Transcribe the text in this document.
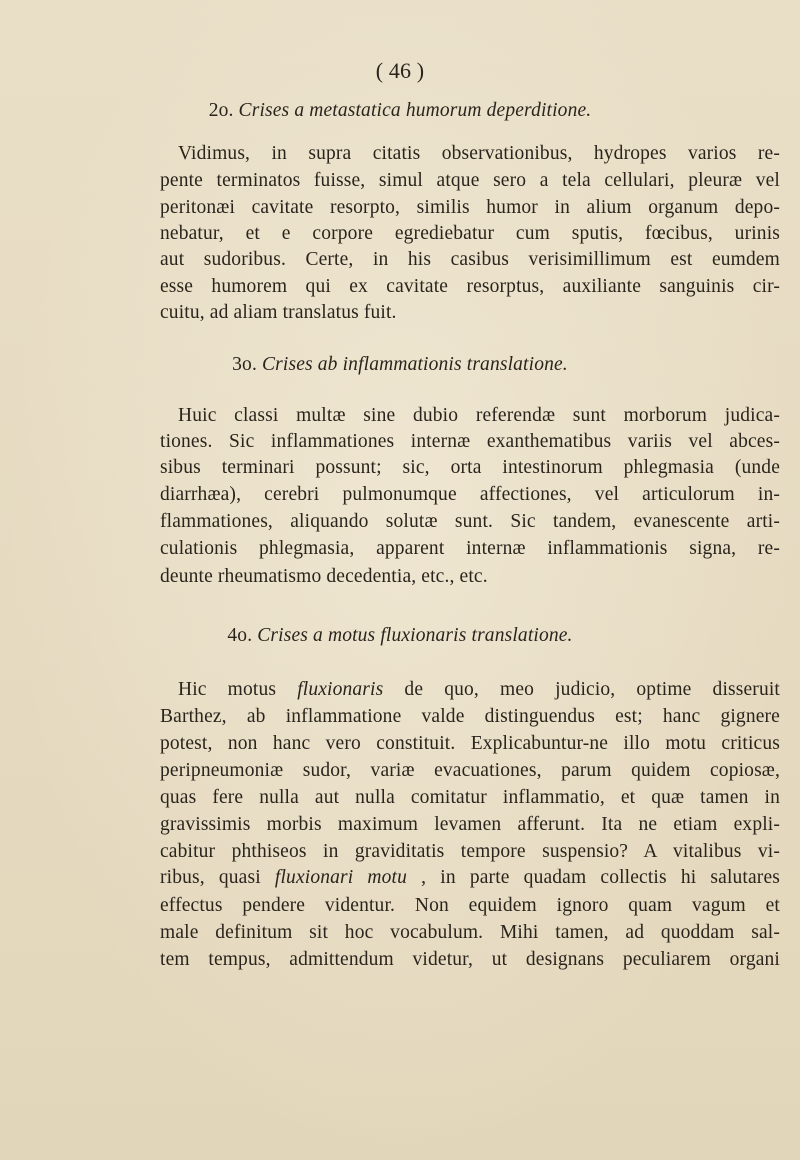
( 46 )
2o. Crises a metastatica humorum deperditione.
Vidimus, in supra citatis observationibus, hydropes varios re-
pente terminatos fuisse, simul atque sero a tela cellulari, pleuræ vel
peritonæi cavitate resorpto, similis humor in alium organum depo-
nebatur, et e corpore egrediebatur cum sputis, fœcibus, urinis
aut sudoribus. Certe, in his casibus verisimillimum est eumdem
esse humorem qui ex cavitate resorptus, auxiliante sanguinis cir-
cuitu, ad aliam translatus fuit.
3o. Crises ab inflammationis translatione.
Huic classi multæ sine dubio referendæ sunt morborum judica-
tiones. Sic inflammationes internæ exanthematibus variis vel abces-
sibus terminari possunt; sic, orta intestinorum phlegmasia (unde
diarrhæa), cerebri pulmonumque affectiones, vel articulorum in-
flammationes, aliquando solutæ sunt. Sic tandem, evanescente arti-
culationis phlegmasia, apparent internæ inflammationis signa, re-
deunte rheumatismo decedentia, etc., etc.
4o. Crises a motus fluxionaris translatione.
Hic motus fluxionaris de quo, meo judicio, optime disseruit
Barthez, ab inflammatione valde distinguendus est; hanc gignere
potest, non hanc vero constituit. Explicabuntur-ne illo motu criticus
peripneumoniæ sudor, variæ evacuationes, parum quidem copiosæ,
quas fere nulla aut nulla comitatur inflammatio, et quæ tamen in
gravissimis morbis maximum levamen afferunt. Ita ne etiam expli-
cabitur phthiseos in graviditatis tempore suspensio? A vitalibus vi-
ribus, quasi fluxionari motu , in parte quadam collectis hi salutares
effectus pendere videntur. Non equidem ignoro quam vagum et
male definitum sit hoc vocabulum. Mihi tamen, ad quoddam sal-
tem tempus, admittendum videtur, ut designans peculiarem organi
